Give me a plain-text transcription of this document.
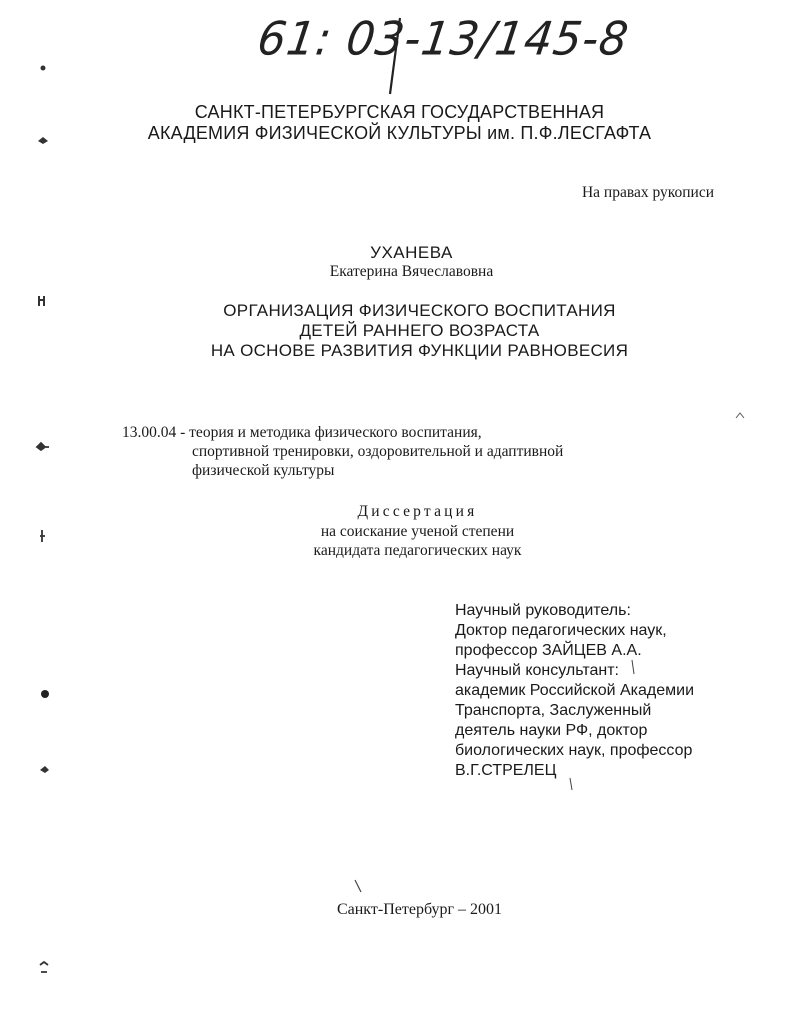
61: 03-13/145-8
САНКТ-ПЕТЕРБУРГСКАЯ ГОСУДАРСТВЕННАЯ
АКАДЕМИЯ ФИЗИЧЕСКОЙ КУЛЬТУРЫ им. П.Ф.ЛЕСГАФТА
На правах рукописи
УХАНЕВА
Екатерина Вячеславовна
ОРГАНИЗАЦИЯ ФИЗИЧЕСКОГО ВОСПИТАНИЯ
ДЕТЕЙ РАННЕГО ВОЗРАСТА
НА ОСНОВЕ РАЗВИТИЯ ФУНКЦИИ РАВНОВЕСИЯ
13.00.04 - теория и методика физического воспитания,
спортивной тренировки, оздоровительной и адаптивной
физической культуры
Диссертация
на соискание ученой степени
кандидата педагогических наук
Научный руководитель:
Доктор педагогических наук,
профессор ЗАЙЦЕВ А.А.
Научный консультант:
академик Российской Академии
Транспорта, Заслуженный
деятель науки РФ, доктор
биологических наук, профессор
В.Г.СТРЕЛЕЦ
Санкт-Петербург – 2001
